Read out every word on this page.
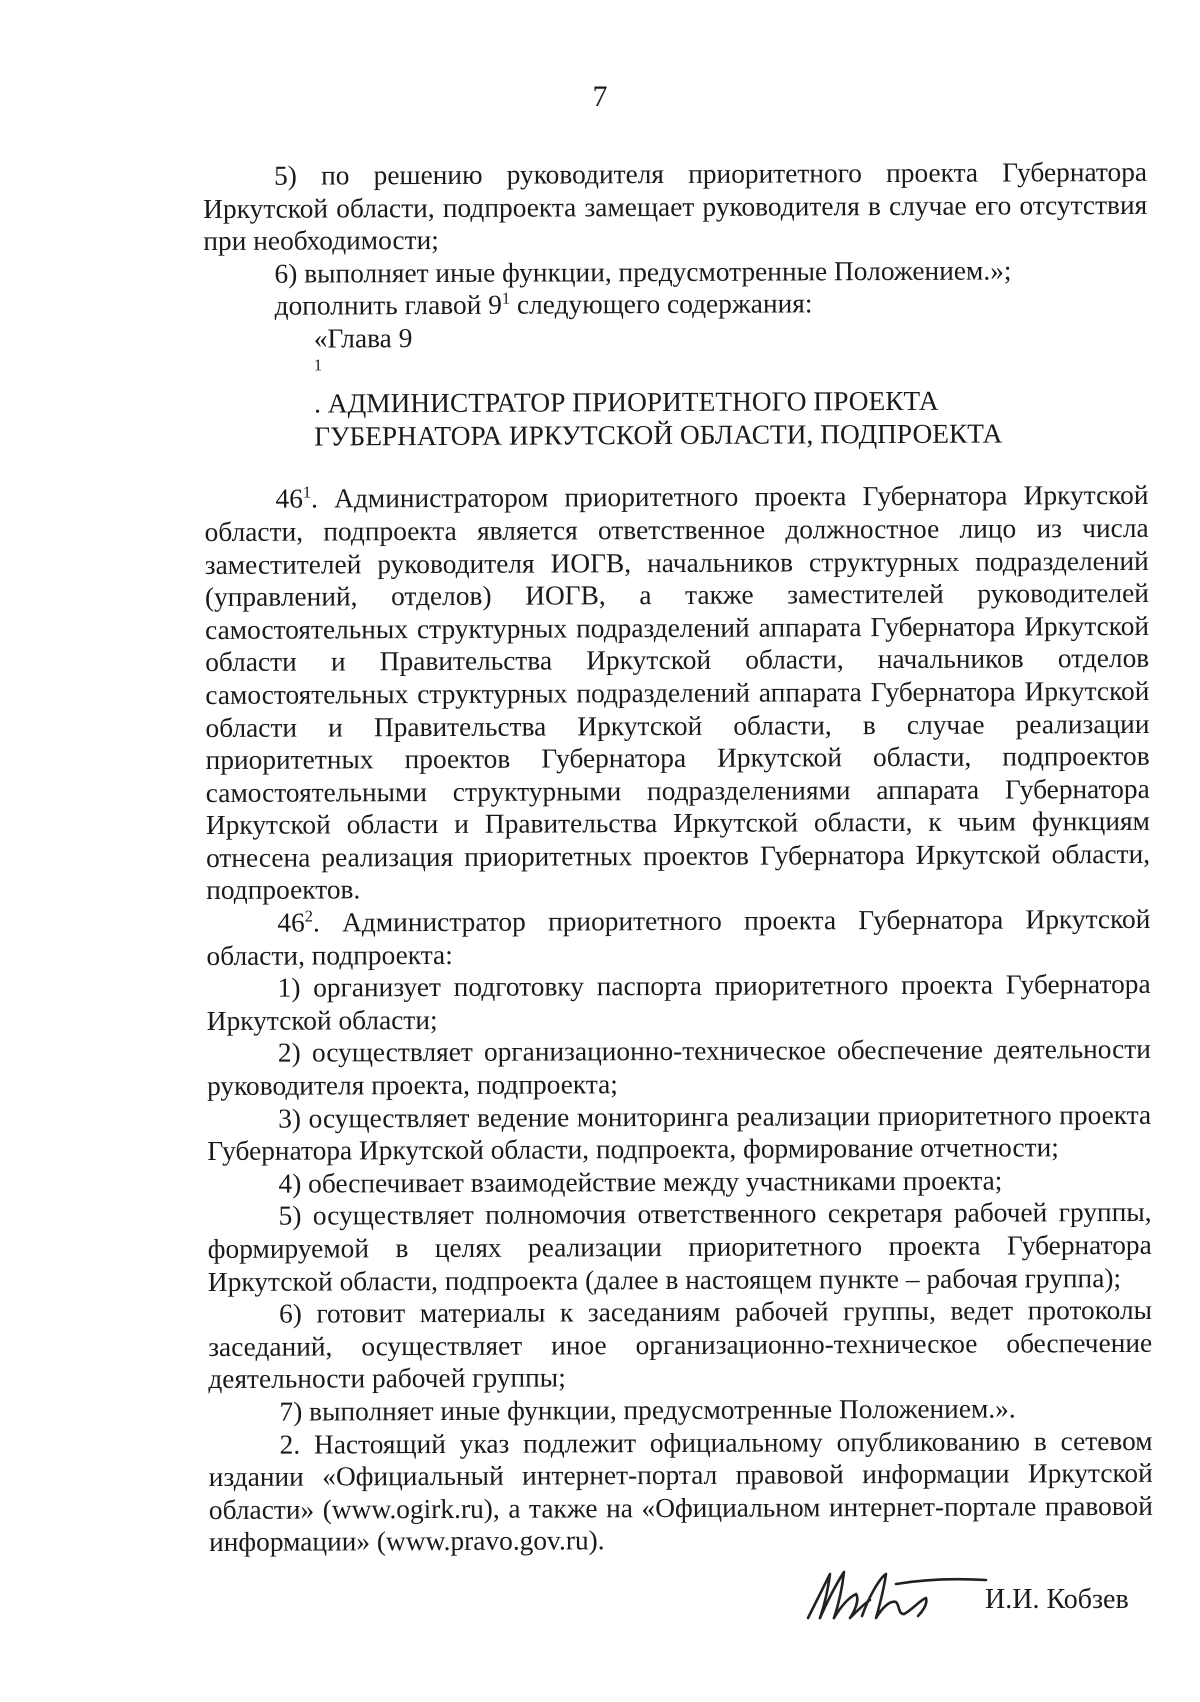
7

5) по решению руководителя приоритетного проекта Губернатора Иркутской области, подпроекта замещает руководителя в случае его отсутствия при необходимости;

6) выполняет иные функции, предусмотренные Положением.»;

дополнить главой $9^1$ следующего содержания:

«Глава 9
$^1$
. АДМИНИСТРАТОР ПРИОРИТЕТНОГО ПРОЕКТА
ГУБЕРНАТОРА ИРКУТСКОЙ ОБЛАСТИ, ПОДПРОЕКТА

$46^1$. Администратором приоритетного проекта Губернатора Иркутской области, подпроекта является ответственное должностное лицо из числа заместителей руководителя ИОГВ, начальников структурных подразделений (управлений, отделов) ИОГВ, а также заместителей руководителей самостоятельных структурных подразделений аппарата Губернатора Иркутской области и Правительства Иркутской области, начальников отделов самостоятельных структурных подразделений аппарата Губернатора Иркутской области и Правительства Иркутской области, в случае реализации приоритетных проектов Губернатора Иркутской области, подпроектов самостоятельными структурными подразделениями аппарата Губернатора Иркутской области и Правительства Иркутской области, к чьим функциям отнесена реализация приоритетных проектов Губернатора Иркутской области, подпроектов.

$46^2$. Администратор приоритетного проекта Губернатора Иркутской области, подпроекта:

1) организует подготовку паспорта приоритетного проекта Губернатора Иркутской области;

2) осуществляет организационно-техническое обеспечение деятельности руководителя проекта, подпроекта;

3) осуществляет ведение мониторинга реализации приоритетного проекта Губернатора Иркутской области, подпроекта, формирование отчетности;

4) обеспечивает взаимодействие между участниками проекта;

5) осуществляет полномочия ответственного секретаря рабочей группы, формируемой в целях реализации приоритетного проекта Губернатора Иркутской области, подпроекта (далее в настоящем пункте – рабочая группа);

6) готовит материалы к заседаниям рабочей группы, ведет протоколы заседаний, осуществляет иное организационно-техническое обеспечение деятельности рабочей группы;

7) выполняет иные функции, предусмотренные Положением.».

2. Настоящий указ подлежит официальному опубликованию в сетевом издании «Официальный интернет-портал правовой информации Иркутской области» (www.ogirk.ru), а также на «Официальном интернет-портале правовой информации» (www.pravo.gov.ru).

И.И. Кобзев
